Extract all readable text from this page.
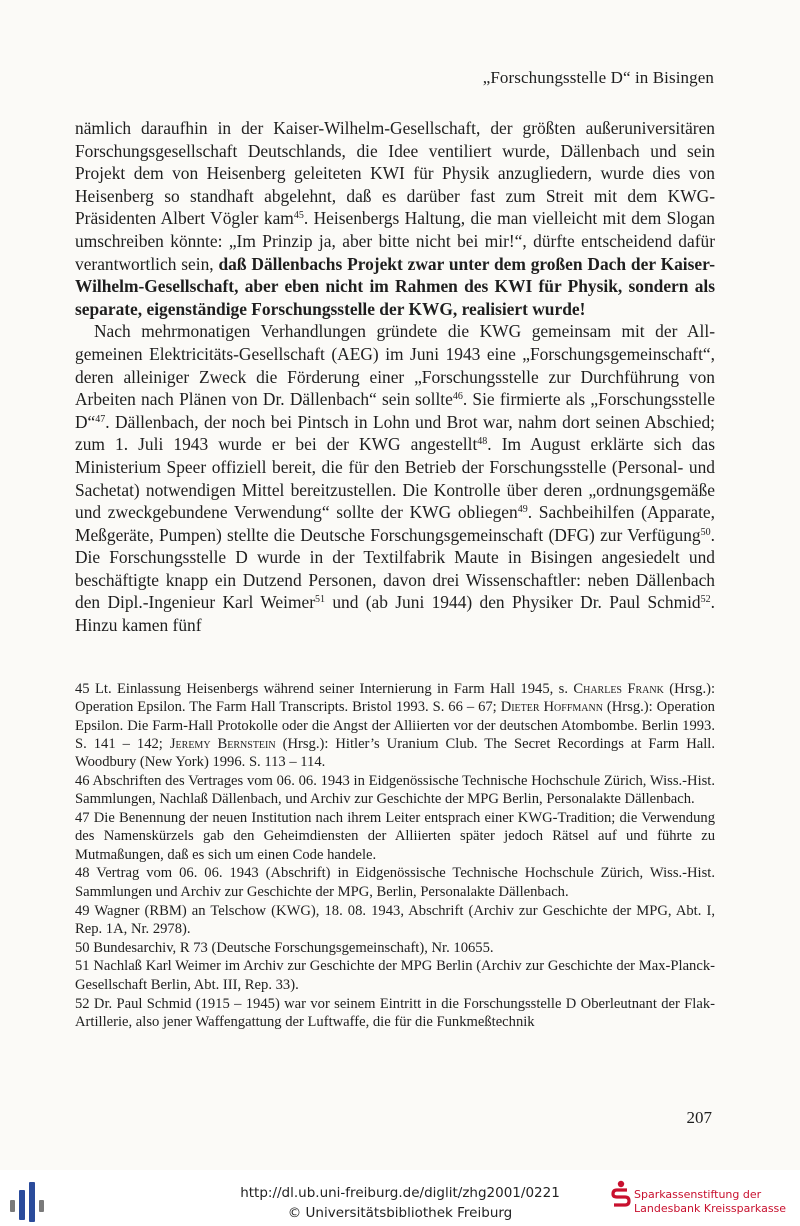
„Forschungsstelle D“ in Bisingen

nämlich daraufhin in der Kaiser-Wilhelm-Gesellschaft, der größten außeruniversitären Forschungsgesellschaft Deutschlands, die Idee ventiliert wurde, Dällenbach und sein Projekt dem von Heisenberg geleiteten KWI für Physik anzugliedern, wurde dies von Heisenberg so standhaft abgelehnt, daß es darüber fast zum Streit mit dem KWG-Präsidenten Albert Vögler kam$^{45}$. Heisenbergs Haltung, die man vielleicht mit dem Slogan umschreiben könnte: „Im Prinzip ja, aber bitte nicht bei mir!“, dürfte entscheidend dafür verantwortlich sein, daß Dällenbachs Projekt zwar unter dem großen Dach der Kaiser-Wilhelm-Gesellschaft, aber eben nicht im Rahmen des KWI für Physik, sondern als separate, eigenständige Forschungsstelle der KWG, realisiert wurde!

Nach mehrmonatigen Verhandlungen gründete die KWG gemeinsam mit der Allgemeinen Elektricitäts-Gesellschaft (AEG) im Juni 1943 eine „Forschungsgemeinschaft“, deren alleiniger Zweck die Förderung einer „Forschungsstelle zur Durchführung von Arbeiten nach Plänen von Dr. Dällenbach“ sein sollte$^{46}$. Sie firmierte als „Forschungsstelle D“$^{47}$. Dällenbach, der noch bei Pintsch in Lohn und Brot war, nahm dort seinen Abschied; zum 1. Juli 1943 wurde er bei der KWG angestellt$^{48}$. Im August erklärte sich das Ministerium Speer offiziell bereit, die für den Betrieb der Forschungsstelle (Personal- und Sachetat) notwendigen Mittel bereitzustellen. Die Kontrolle über deren „ordnungsgemäße und zweckgebundene Verwendung“ sollte der KWG obliegen$^{49}$. Sachbeihilfen (Apparate, Meßgeräte, Pumpen) stellte die Deutsche Forschungsgemeinschaft (DFG) zur Verfügung$^{50}$. Die Forschungsstelle D wurde in der Textilfabrik Maute in Bisingen angesiedelt und beschäftigte knapp ein Dutzend Personen, davon drei Wissenschaftler: neben Dällenbach den Dipl.-Ingenieur Karl Weimer$^{51}$ und (ab Juni 1944) den Physiker Dr. Paul Schmid$^{52}$. Hinzu kamen fünf

45 Lt. Einlassung Heisenbergs während seiner Internierung in Farm Hall 1945, s. Charles Frank (Hrsg.): Operation Epsilon. The Farm Hall Transcripts. Bristol 1993. S. 66 – 67; Dieter Hoffmann (Hrsg.): Operation Epsilon. Die Farm-Hall Protokolle oder die Angst der Alliierten vor der deutschen Atombombe. Berlin 1993. S. 141 – 142; Jeremy Bernstein (Hrsg.): Hitler’s Uranium Club. The Secret Recordings at Farm Hall. Woodbury (New York) 1996. S. 113 – 114.

46 Abschriften des Vertrages vom 06. 06. 1943 in Eidgenössische Technische Hochschule Zürich, Wiss.-Hist. Sammlungen, Nachlaß Dällenbach, und Archiv zur Geschichte der MPG Berlin, Personalakte Dällenbach.

47 Die Benennung der neuen Institution nach ihrem Leiter entsprach einer KWG-Tradition; die Verwendung des Namenskürzels gab den Geheimdiensten der Alliierten später jedoch Rätsel auf und führte zu Mutmaßungen, daß es sich um einen Code handele.

48 Vertrag vom 06. 06. 1943 (Abschrift) in Eidgenössische Technische Hochschule Zürich, Wiss.-Hist. Sammlungen und Archiv zur Geschichte der MPG, Berlin, Personalakte Dällenbach.

49 Wagner (RBM) an Telschow (KWG), 18. 08. 1943, Abschrift (Archiv zur Geschichte der MPG, Abt. I, Rep. 1A, Nr. 2978).

50 Bundesarchiv, R 73 (Deutsche Forschungsgemeinschaft), Nr. 10655.

51 Nachlaß Karl Weimer im Archiv zur Geschichte der MPG Berlin (Archiv zur Geschichte der Max-Planck-Gesellschaft Berlin, Abt. III, Rep. 33).

52 Dr. Paul Schmid (1915 – 1945) war vor seinem Eintritt in die Forschungsstelle D Oberleutnant der Flak-Artillerie, also jener Waffengattung der Luftwaffe, die für die Funkmeßtechnik

207
http://dl.ub.uni-freiburg.de/diglit/zhg2001/0221
© Universitätsbibliothek Freiburg
Sparkassenstiftung der
Landesbank Kreissparkasse
